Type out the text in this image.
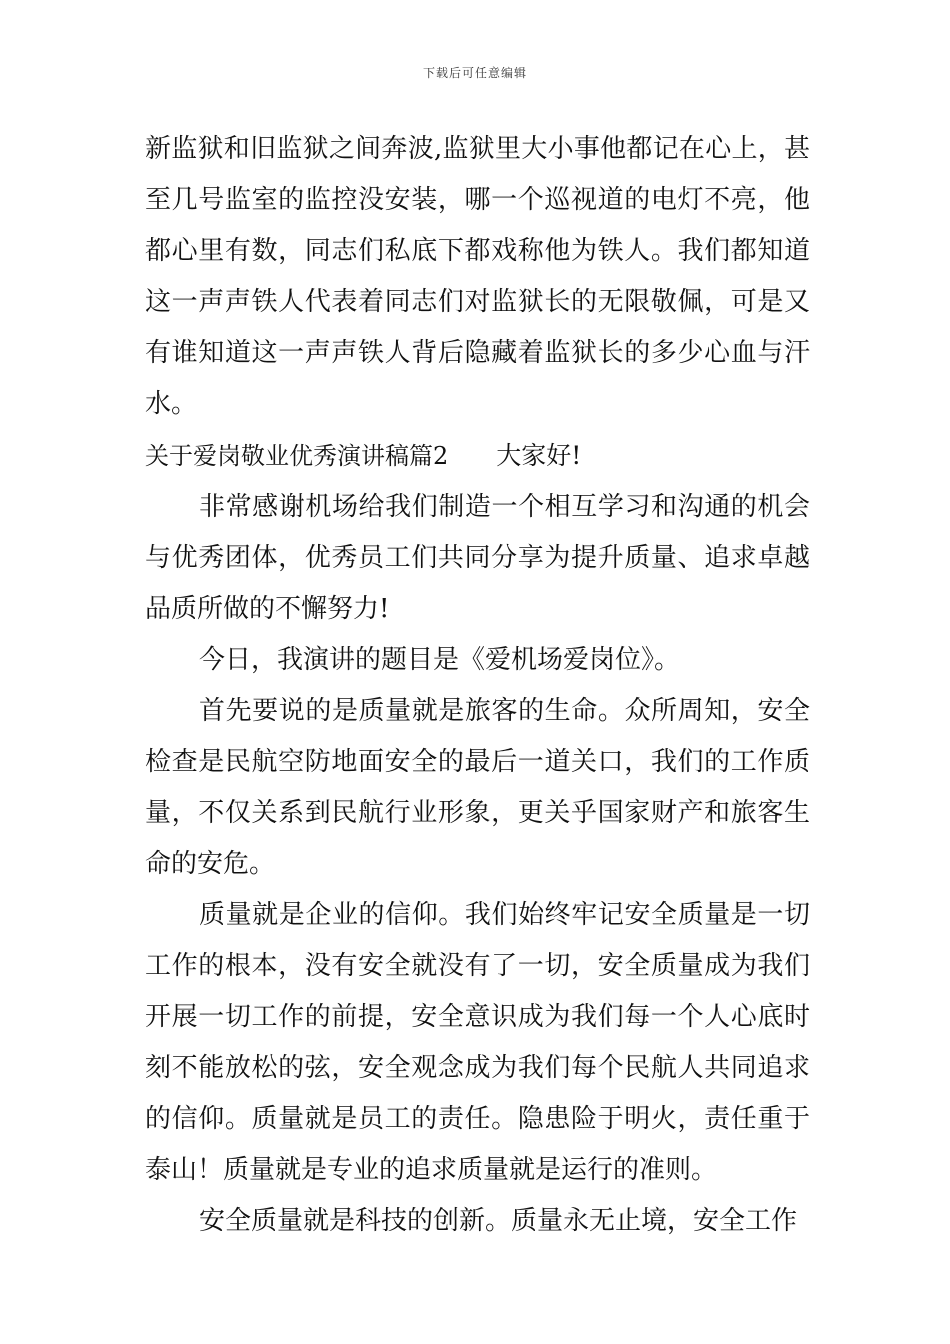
下载后可任意编辑

新监狱和旧监狱之间奔波,监狱里大小事他都记在心上，甚至几号监室的监控没安装，哪一个巡视道的电灯不亮，他都心里有数，同志们私底下都戏称他为铁人。我们都知道这一声声铁人代表着同志们对监狱长的无限敬佩，可是又有谁知道这一声声铁人背后隐藏着监狱长的多少心血与汗水。

关于爱岗敬业优秀演讲稿篇2 大家好!

非常感谢机场给我们制造一个相互学习和沟通的机会与优秀团体，优秀员工们共同分享为提升质量、追求卓越品质所做的不懈努力!

今日，我演讲的题目是《爱机场爱岗位》。

首先要说的是质量就是旅客的生命。众所周知，安全检查是民航空防地面安全的最后一道关口，我们的工作质量，不仅关系到民航行业形象，更关乎国家财产和旅客生命的安危。

质量就是企业的信仰。我们始终牢记安全质量是一切工作的根本，没有安全就没有了一切，安全质量成为我们开展一切工作的前提，安全意识成为我们每一个人心底时刻不能放松的弦，安全观念成为我们每个民航人共同追求的信仰。质量就是员工的责任。隐患险于明火，责任重于泰山！质量就是专业的追求质量就是运行的准则。

安全质量就是科技的创新。质量永无止境，安全工作
